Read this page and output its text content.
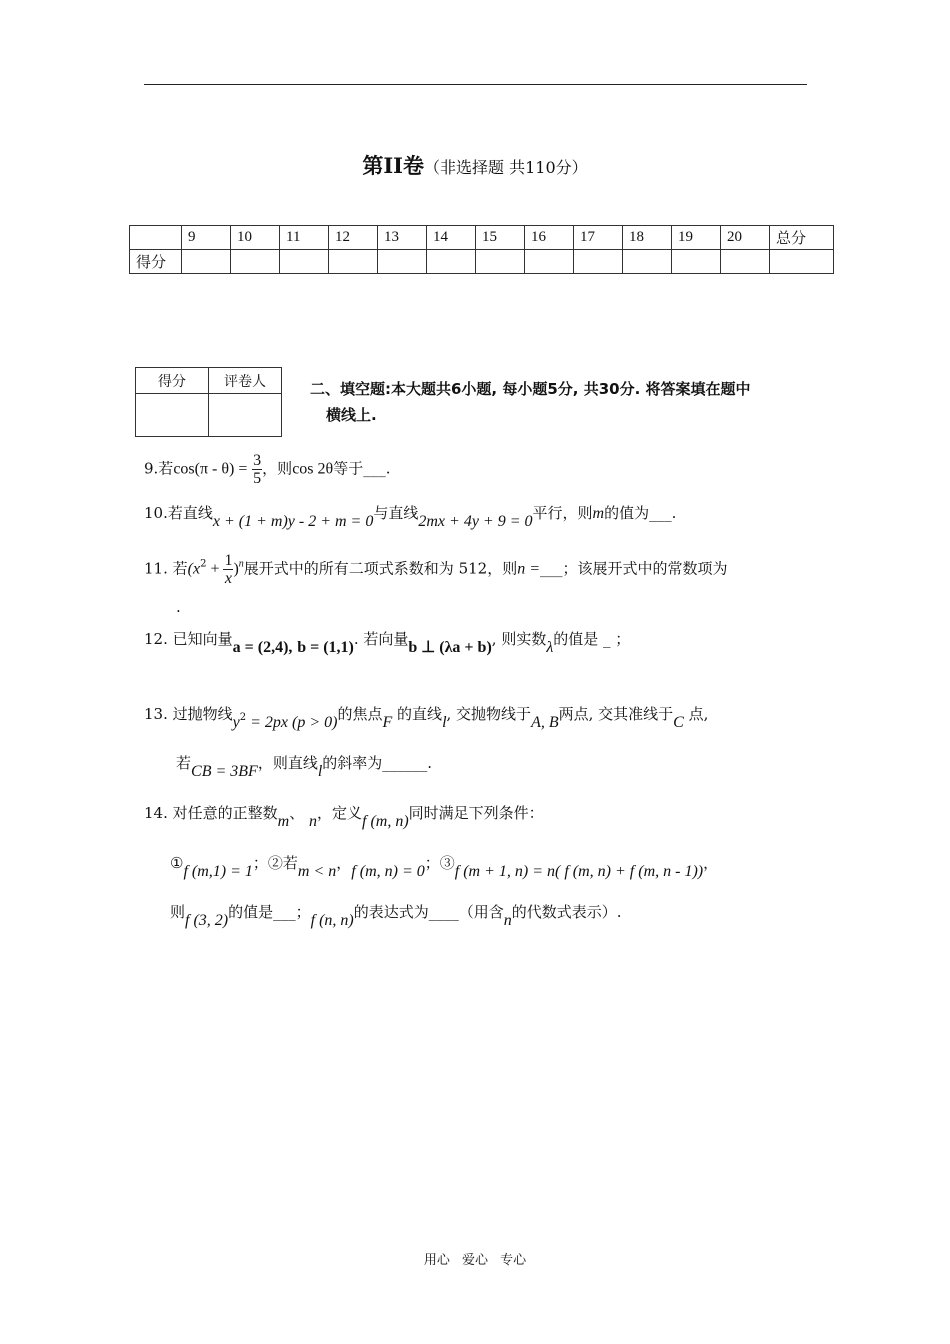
第II卷（非选择题 共110分）
	9	10	11	12	13	14	15	16	17	18	19	20	总分
得分													
得分	评卷人
		二、填空题:本大题共6小题, 每小题5分, 共30分. 将答案填在题中
横线上.
9.若$\cos(\pi - \theta) = \frac{3}{5}$ ，则cos 2θ等于___.
10.若直线x + (1 + m)y - 2 + m = 0与直线2mx + 4y + 9 = 0平行，则m的值为___.
11. 若$(x^2 + \frac{1}{x} )^n$展开式中的所有二项式系数和为 512，则n =___；该展开式中的常数项为
.
12. 已知向量a = (2,4), b = (1,1). 若向量b ⊥ (λa + b), 则实数λ的值是 _ ；
13. 过抛物线$y^2 = 2px$ (p > 0)的焦点F 的直线l, 交抛物线于A, B两点, 交其准线于C 点,
若CB = 3BF，则直线l的斜率为______.
14. 对任意的正整数m、 n，定义f (m, n)同时满足下列条件：
①f (m,1) = 1；②若m < n，f (m, n) = 0；③f (m + 1, n) = n( f (m, n) + f (m, n - 1))，
则f (3, 2)的值是___；f (n, n)的表达式为____（用含n的代数式表示）.
用心 爱心 专心
